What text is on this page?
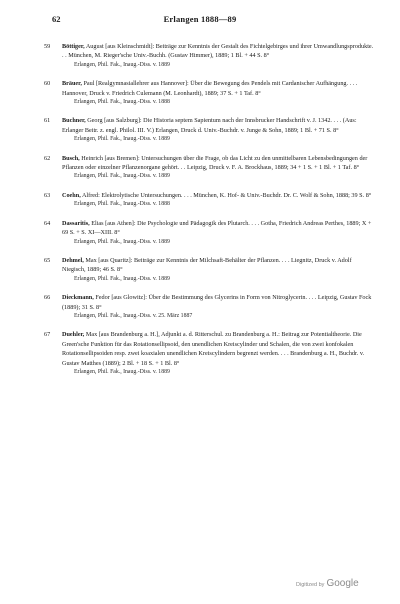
62	Erlangen 1888—89
59	Böttiger, August [aus Kleinschmidt]: Beiträge zur Kenntnis der Gestalt des Fichtelgebirges und ihrer Umwandlungsprodukte. . . München, M. Rieger'sche Univ.-Buchh. (Gustav Himmer), 1889; 1 Bl. + 44 S. 8°
Erlangen, Phil. Fak., Inaug.-Diss. v. 1889
60	Bräuer, Paul [Realgymnasiallehrer aus Hannover]: Über die Bewegung des Pendels mit Cardanischer Aufhängung. . . . Hannover, Druck v. Friedrich Culemann (M. Leonhardt), 1889; 37 S. + 1 Taf. 8°
Erlangen, Phil. Fak., Inaug.-Diss. v. 1888
61	Buchner, Georg [aus Salzburg]: Die Historia septem Sapientum nach der Innsbrucker Handschrift v. J. 1342. . . . (Aus: Erlanger Beitr. z. engl. Philol. III. V.) Erlangen, Druck d. Univ.-Buchdr. v. Junge & Sohn, 1889; 1 Bl. + 71 S. 8°
Erlangen, Phil. Fak., Inaug.-Diss. v. 1889
62	Busch, Heinrich [aus Bremen]: Untersuchungen über die Frage, ob das Licht zu den unmittelbaren Lebensbedingungen der Pflanzen oder einzelner Pflanzenorgane gehört. . . Leipzig, Druck v. F. A. Brockhaus, 1889; 34 + 1 S. + 1 Bl. + 1 Taf. 8°
Erlangen, Phil. Fak., Inaug.-Diss. v. 1889
63	Coehn, Alfred: Elektrolytische Untersuchungen. . . . München, K. Hof- & Univ.-Buchdr. Dr. C. Wolf & Sohn, 1888; 39 S. 8°
Erlangen, Phil. Fak., Inaug.-Diss. v. 1888
64	Dassaritis, Elias [aus Athen]: Die Psychologie und Pädagogik des Plutarch. . . . Gotha, Friedrich Andreas Perthes, 1889; X + 69 S. + S. XI—XIII. 8°
Erlangen, Phil. Fak., Inaug.-Diss. v. 1889
65	Dehmel, Max [aus Quaritz]: Beiträge zur Kenntnis der Milchsaft-Behälter der Pflanzen. . . . Liegnitz, Druck v. Adolf Niegisch, 1889; 46 S. 8°
Erlangen, Phil. Fak., Inaug.-Diss. v. 1889
66	Dieckmann, Fedor [aus Glowitz]: Über die Bestimmung des Glycerins in Form von Nitroglycerin. . . . Leipzig, Gustav Fock (1889); 31 S. 8°
Erlangen, Phil. Fak., Inaug.-Diss. v. 25. März 1887
67	Duehler, Max [aus Brandenburg a. H.], Adjunkt a. d. Ritterschul. zu Brandenburg a. H.: Beitrag zur Potentialtheorie. Die Green'sche Funktion für das Rotationsellipsoid, den unendlichen Kreiscylinder und Schalen, die von zwei konfokalen Rotationsellipsoiden resp. zwei koaxialen unendlichen Kreiscylindern begrenzt werden. . . . Brandenburg a. H., Buchdr. v. Gustav Matthes (1889); 2 Bl. + 18 S. + 1 Bl. 8°
Erlangen, Phil. Fak., Inaug.-Diss. v. 1889
Digitized by Google
